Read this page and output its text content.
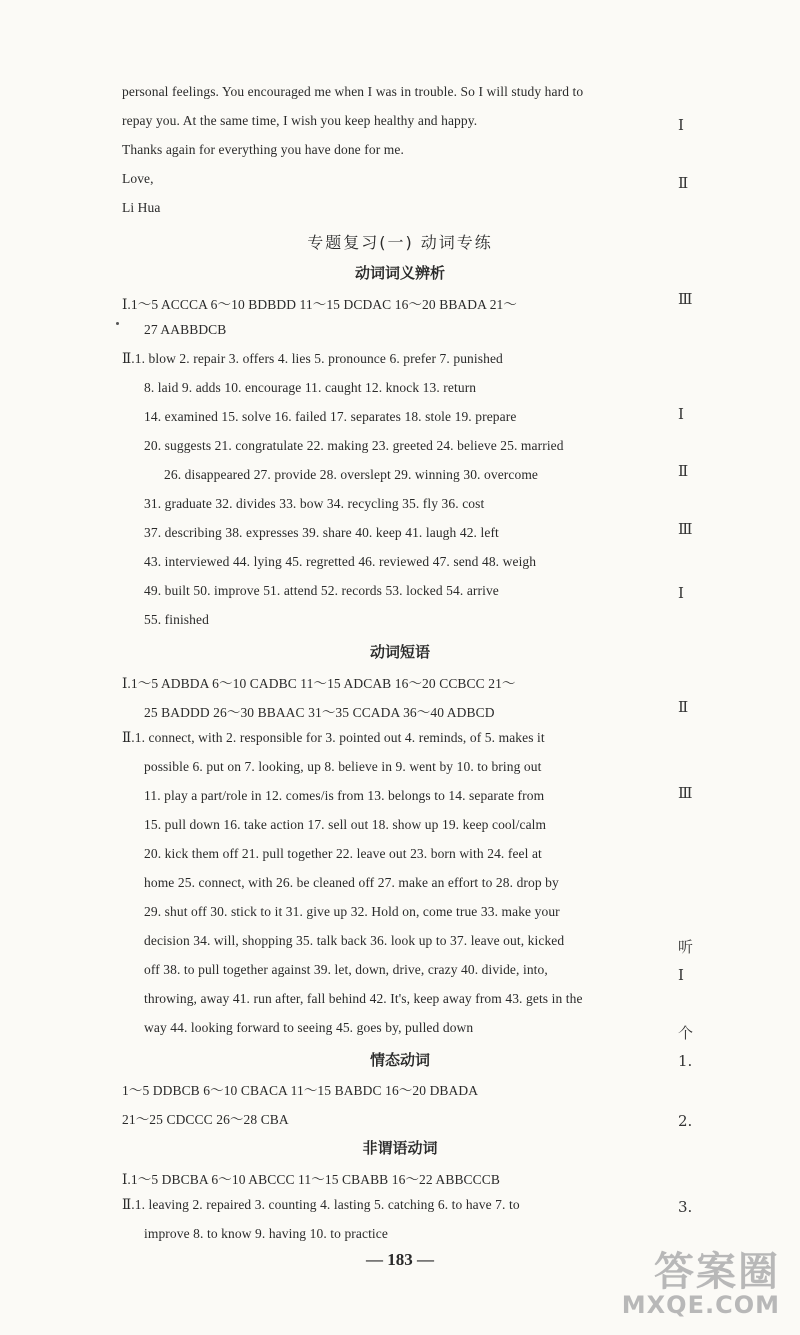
personal feelings. You encouraged me when I was in trouble. So I will study hard to
repay you. At the same time, I wish you keep healthy and happy.
Thanks again for everything you have done for me.
Love,
Li Hua
专题复习(一) 动词专练
动词词义辨析
Ⅰ.1～5 ACCCA 6～10 BDBDD 11～15 DCDAC 16～20 BBADA 21～
27 AABBDCB
Ⅱ.1. blow 2. repair 3. offers 4. lies 5. pronounce 6. prefer 7. punished
8. laid 9. adds 10. encourage 11. caught 12. knock 13. return
14. examined 15. solve 16. failed 17. separates 18. stole 19. prepare
20. suggests 21. congratulate 22. making 23. greeted 24. believe 25. married
26. disappeared 27. provide 28. overslept 29. winning 30. overcome
31. graduate 32. divides 33. bow 34. recycling 35. fly 36. cost
37. describing 38. expresses 39. share 40. keep 41. laugh 42. left
43. interviewed 44. lying 45. regretted 46. reviewed 47. send 48. weigh
49. built 50. improve 51. attend 52. records 53. locked 54. arrive
55. finished
动词短语
Ⅰ.1～5 ADBDA 6～10 CADBC 11～15 ADCAB 16～20 CCBCC 21～
25 BADDD 26～30 BBAAC 31～35 CCADA 36～40 ADBCD
Ⅱ.1. connect, with 2. responsible for 3. pointed out 4. reminds, of 5. makes it
possible 6. put on 7. looking, up 8. believe in 9. went by 10. to bring out
11. play a part/role in 12. comes/is from 13. belongs to 14. separate from
15. pull down 16. take action 17. sell out 18. show up 19. keep cool/calm
20. kick them off 21. pull together 22. leave out 23. born with 24. feel at
home 25. connect, with 26. be cleaned off 27. make an effort to 28. drop by
29. shut off 30. stick to it 31. give up 32. Hold on, come true 33. make your
decision 34. will, shopping 35. talk back 36. look up to 37. leave out, kicked
off 38. to pull together against 39. let, down, drive, crazy 40. divide, into,
throwing, away 41. run after, fall behind 42. It's, keep away from 43. gets in the
way 44. looking forward to seeing 45. goes by, pulled down
情态动词
1～5 DDBCB 6～10 CBACA 11～15 BABDC 16～20 DBADA
21～25 CDCCC 26～28 CBA
非谓语动词
Ⅰ.1～5 DBCBA 6～10 ABCCC 11～15 CBABB 16～22 ABBCCCB
Ⅱ.1. leaving 2. repaired 3. counting 4. lasting 5. catching 6. to have 7. to
improve 8. to know 9. having 10. to practice
Ⅰ
Ⅱ
Ⅲ
Ⅰ
Ⅱ
Ⅲ
Ⅰ
Ⅱ
Ⅲ
听
Ⅰ
个
1.
2.
3.
— 183 —	答案圈
MXQE.COM
